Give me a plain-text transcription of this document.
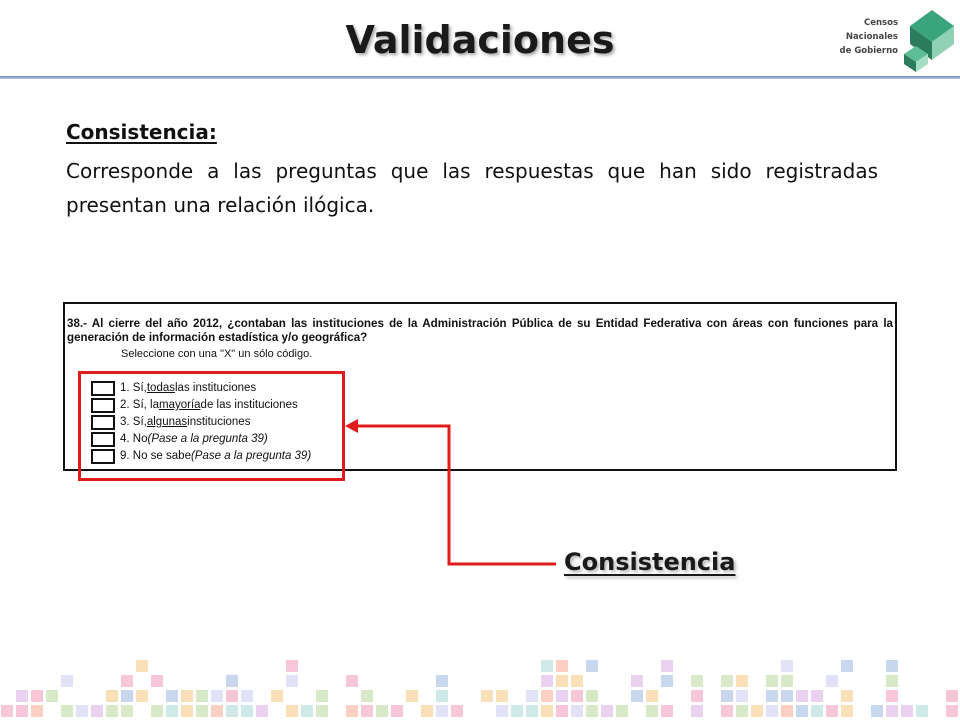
Validaciones	Censos
Nacionales
de Gobierno
Consistencia:
Corresponde a las preguntas que las respuestas que han sido registradas presentan una relación ilógica.
38.- Al cierre del año 2012, ¿contaban las instituciones de la Administración Pública de su Entidad Federativa con áreas con funciones para la generación de información estadística y/o geográfica?
Seleccione con una "X" un sólo código.
1. Sí, todas las instituciones
2. Sí, la mayoría de las instituciones
3. Sí, algunas instituciones
4. No (Pase a la pregunta 39)
9. No se sabe (Pase a la pregunta 39)
Consistencia
